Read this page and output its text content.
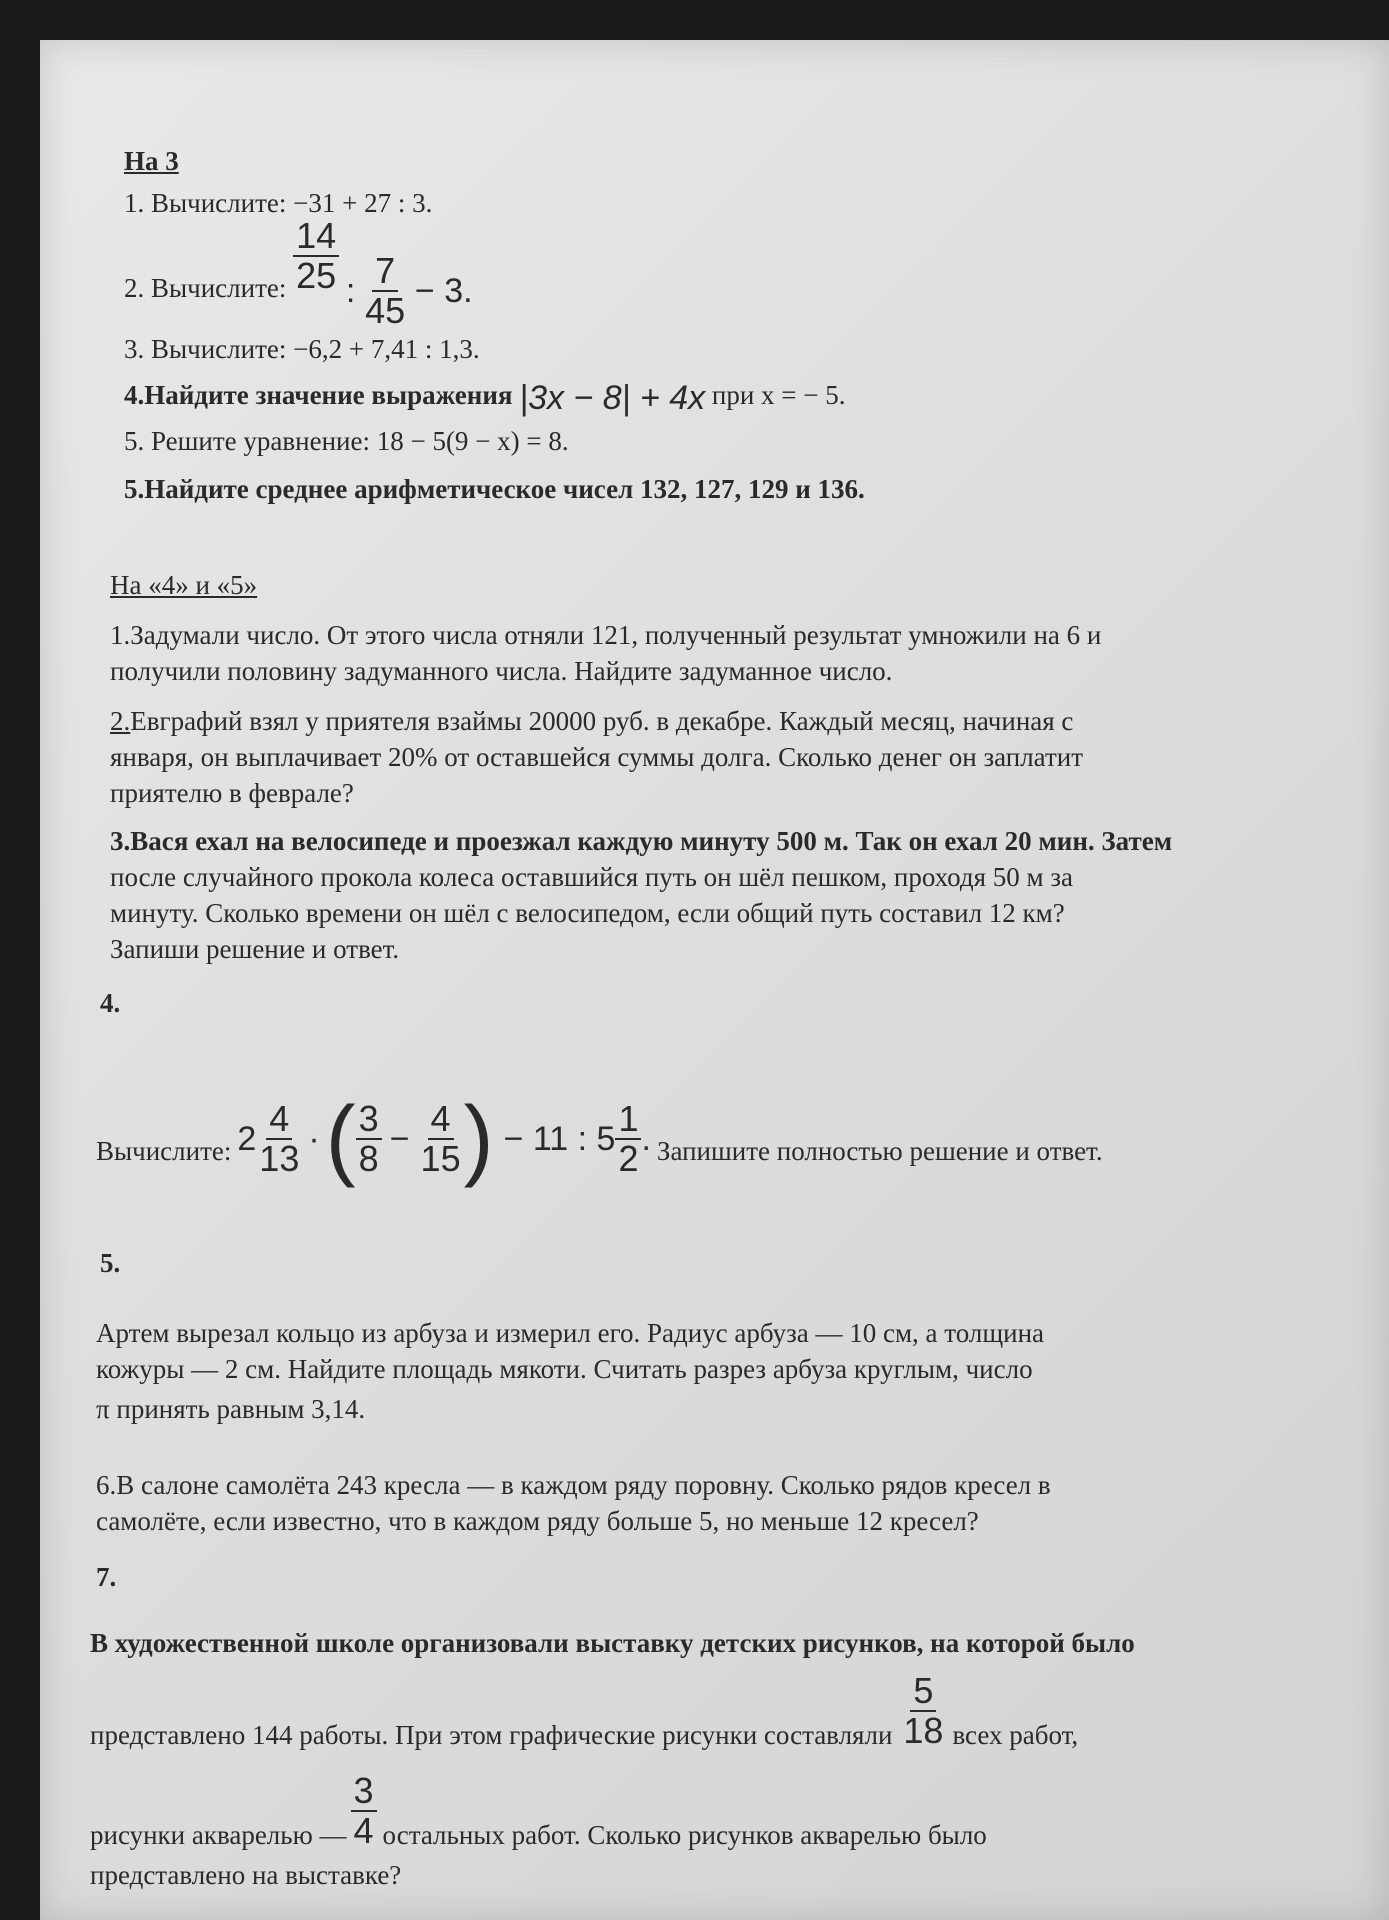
На 3
1. Вычислите: −31 + 27 : 3.
2. Вычислите: $\frac{14}{25}$ : $\frac{7}{45} - 3$.
3. Вычислите: −6,2 + 7,41 : 1,3.
4.Найдите значение выражения |3x − 8| + 4x при x = − 5.
5. Решите уравнение: 18 − 5(9 − x) = 8.
5.Найдите среднее арифметическое чисел 132, 127, 129 и 136.
На «4» и «5»
1.Задумали число. От этого числа отняли 121, полученный результат умножили на 6 и
получили половину задуманного числа. Найдите задуманное число.
2.Евграфий взял у приятеля взаймы 20000 руб. в декабре. Каждый месяц, начиная с
января, он выплачивает 20% от оставшейся суммы долга. Сколько денег он заплатит
приятелю в феврале?
3.Вася ехал на велосипеде и проезжал каждую минуту 500 м. Так он ехал 20 мин. Затем
после случайного прокола колеса оставшийся путь он шёл пешком, проходя 50 м за
минуту. Сколько времени он шёл с велосипедом, если общий путь составил 12 км?
Запиши решение и ответ.
4.
Вычислите: $2 \frac{4}{13}$ · ( $\frac{3}{8} - \frac{4}{15}$ ) − 11 : $5 \frac{1}{2}$ . Запишите полностью решение и ответ.
5.
Артем вырезал кольцо из арбуза и измерил его. Радиус арбуза — 10 см, а толщина
кожуры — 2 см. Найдите площадь мякоти. Считать разрез арбуза круглым, число
π принять равным 3,14.
6.В салоне самолёта 243 кресла — в каждом ряду поровну. Сколько рядов кресел в
самолёте, если известно, что в каждом ряду больше 5, но меньше 12 кресел?
7.
В художественной школе организовали выставку детских рисунков, на которой было
представлено 144 работы. При этом графические рисунки составляли $\frac{5}{18}$ всех работ,
рисунки акварелью — $\frac{3}{4}$ остальных работ. Сколько рисунков акварелью было
представлено на выставке?
